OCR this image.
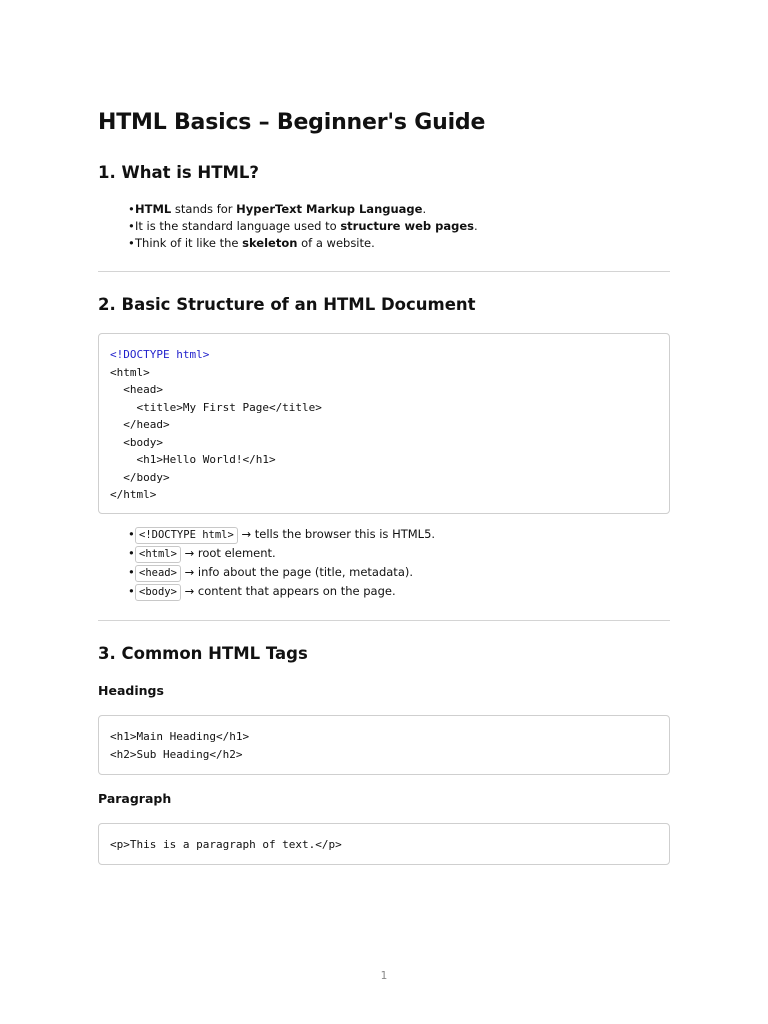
HTML Basics – Beginner's Guide
1. What is HTML?
•HTML stands for HyperText Markup Language.
•It is the standard language used to structure web pages.
•Think of it like the skeleton of a website.
2. Basic Structure of an HTML Document
<!DOCTYPE html>
<html>
<head>
<title>My First Page</title>
</head>
<body>
<h1>Hello World!</h1>
</body>
</html>
• <!DOCTYPE html> → tells the browser this is HTML5.
• <html> → root element.
• <head> → info about the page (title, metadata).
• <body> → content that appears on the page.
3. Common HTML Tags
Headings
<h1>Main Heading</h1>
<h2>Sub Heading</h2>
Paragraph
<p>This is a paragraph of text.</p>
1
